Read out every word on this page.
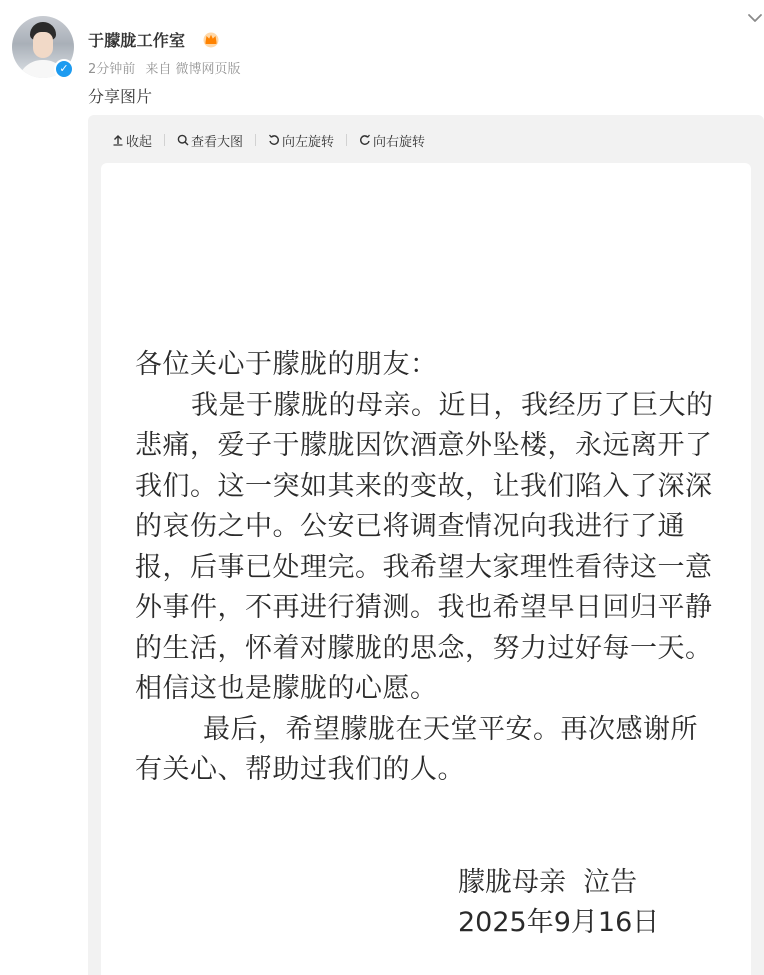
✓
于朦胧工作室
2分钟前 来自 微博网页版
分享图片
收起	查看大图	向左旋转	向右旋转

各位关心于朦胧的朋友：

我是于朦胧的母亲。近日，我经历了巨大的悲痛，爱子于朦胧因饮酒意外坠楼，永远离开了我们。这一突如其来的变故，让我们陷入了深深的哀伤之中。公安已将调查情况向我进行了通报，后事已处理完。我希望大家理性看待这一意外事件，不再进行猜测。我也希望早日回归平静的生活，怀着对朦胧的思念，努力过好每一天。相信这也是朦胧的心愿。

最后，希望朦胧在天堂平安。再次感谢所有关心、帮助过我们的人。

朦胧母亲  泣告
2025年9月16日
